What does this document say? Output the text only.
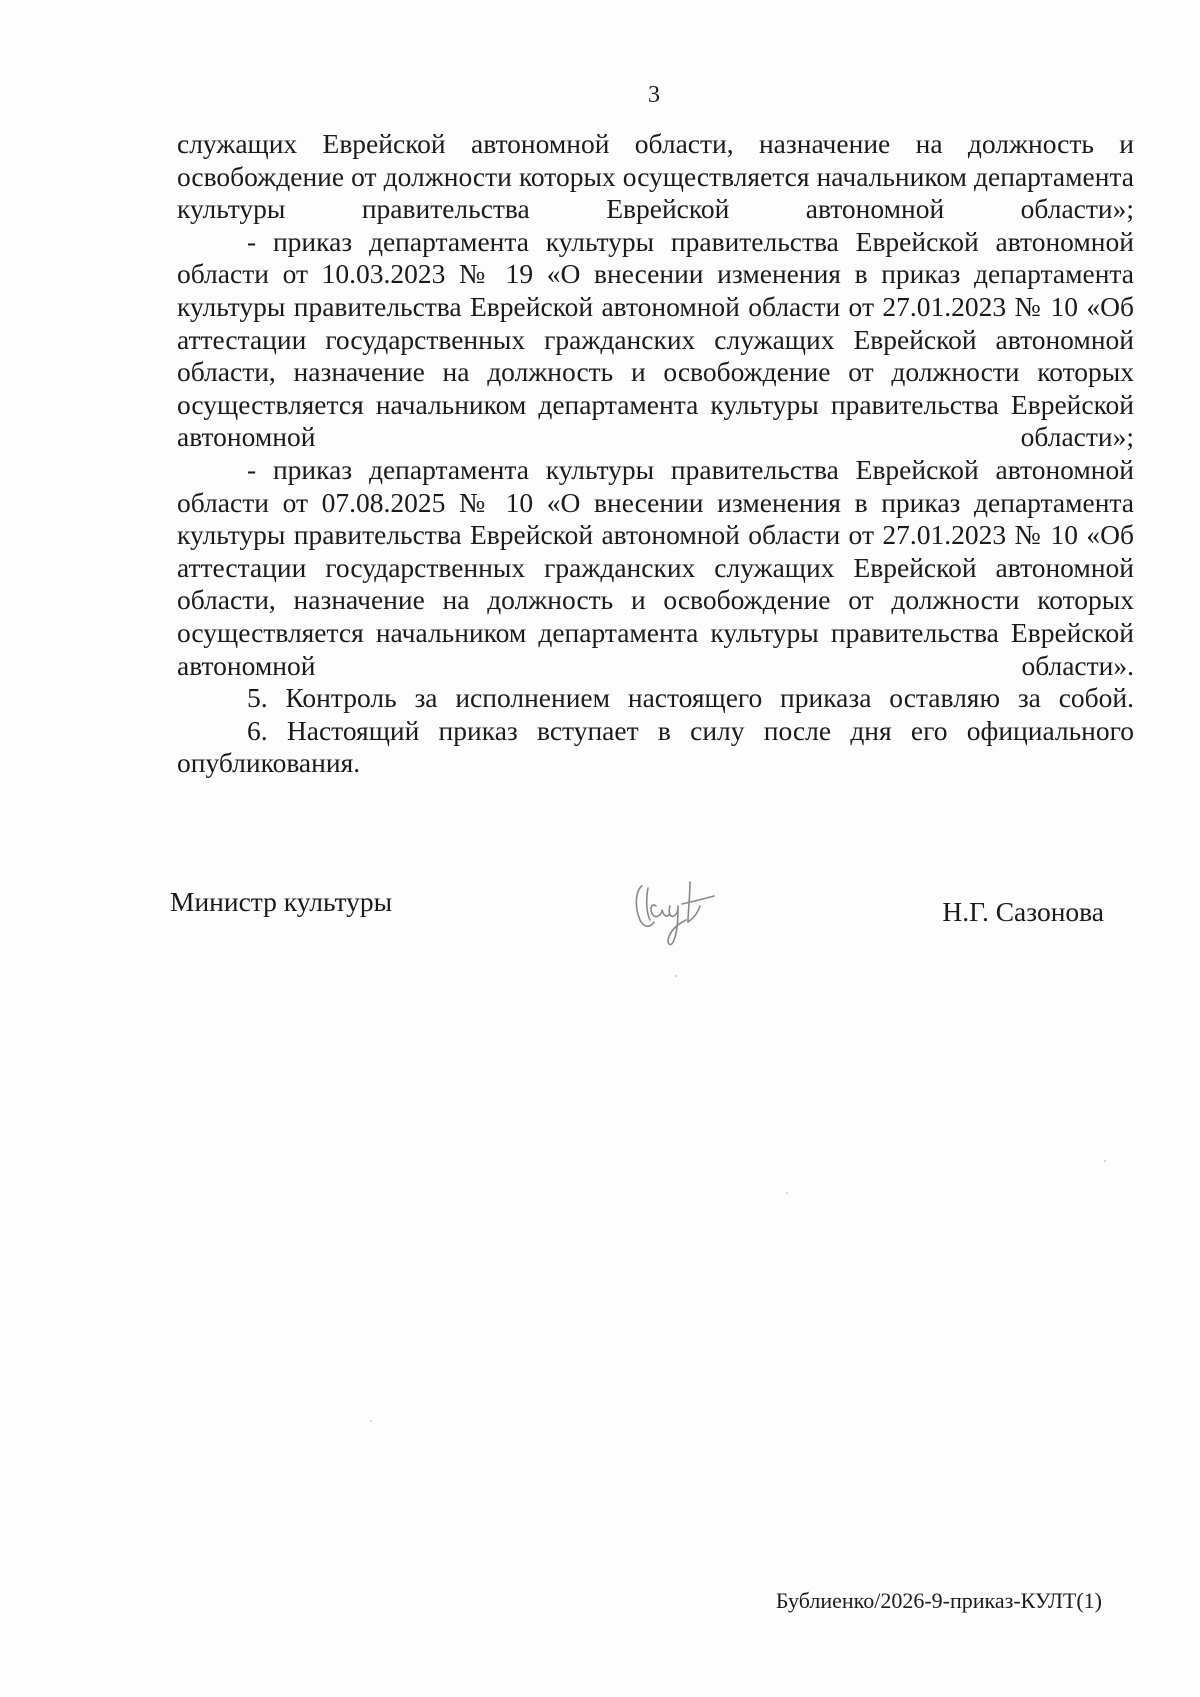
3

служащих Еврейской автономной области, назначение на должность и освобождение от должности которых осуществляется начальником департамента культуры правительства Еврейской автономной области»;

- приказ департамента культуры правительства Еврейской автономной области от 10.03.2023 № 19 «О внесении изменения в приказ департамента культуры правительства Еврейской автономной области от 27.01.2023 № 10 «Об аттестации государственных гражданских служащих Еврейской автономной области, назначение на должность и освобождение от должности которых осуществляется начальником департамента культуры правительства Еврейской автономной области»;

- приказ департамента культуры правительства Еврейской автономной области от 07.08.2025 № 10 «О внесении изменения в приказ департамента культуры правительства Еврейской автономной области от 27.01.2023 № 10 «Об аттестации государственных гражданских служащих Еврейской автономной области, назначение на должность и освобождение от должности которых осуществляется начальником департамента культуры правительства Еврейской автономной области».

5. Контроль за исполнением настоящего приказа оставляю за собой.

6. Настоящий приказ вступает в силу после дня его официального опубликования.

Министр культуры	Н.Г. Сазонова
Бублиенко/2026-9-приказ-КУЛТ(1)
